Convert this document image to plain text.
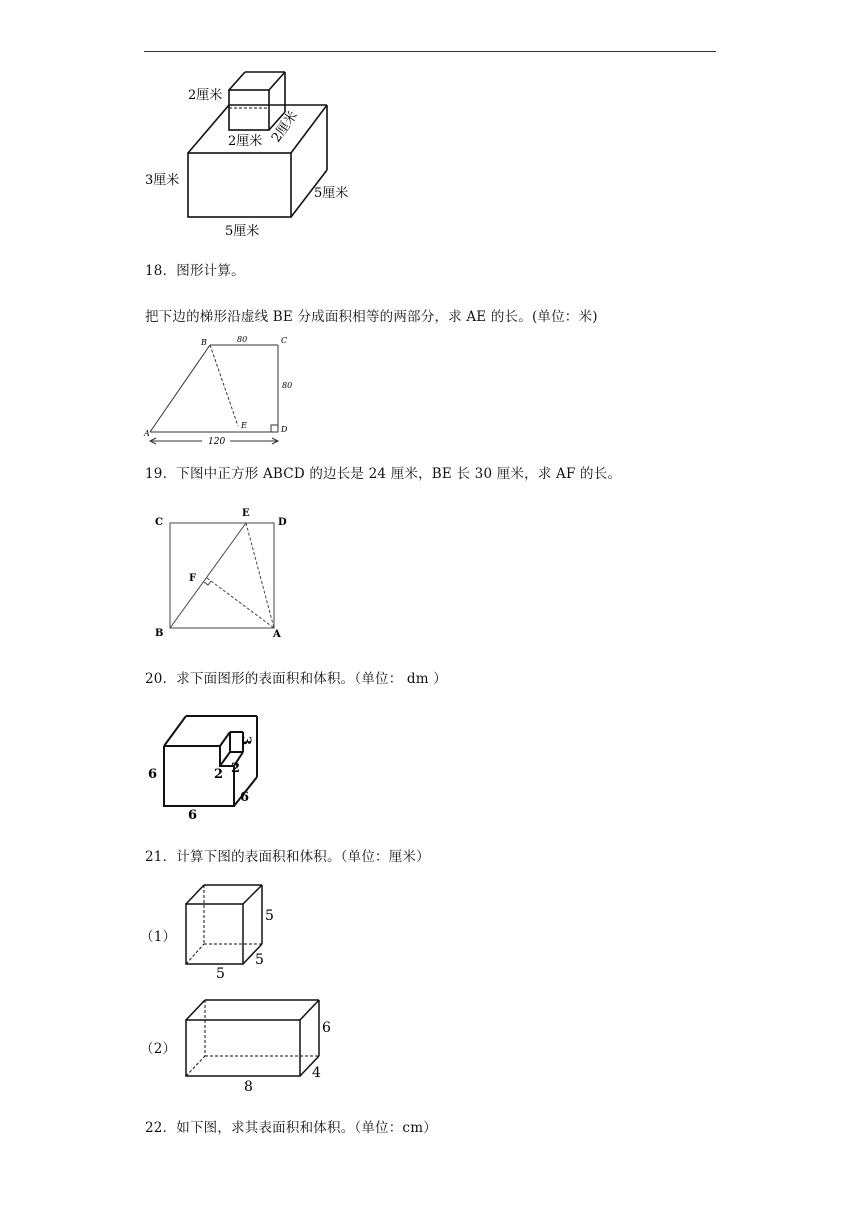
2厘米
2厘米 2厘米
3厘米
5厘米
5厘米
18．图形计算。
把下边的梯形沿虚线 BE 分成面积相等的两部分，求 AE 的长。(单位：米)
B	80	C
80
A
E	D
120
19．下图中正方形 ABCD 的边长是 24 厘米，BE 长 30 厘米，求 AF 的长。
C
E
D
F
B	A
20．求下面图形的表面积和体积。（单位： dm ）
6
6
6
2 2
3
21．计算下图的表面积和体积。（单位：厘米）
（1）
5
5
5
（2）
6
4
8
22．如下图，求其表面积和体积。（单位：cm）
